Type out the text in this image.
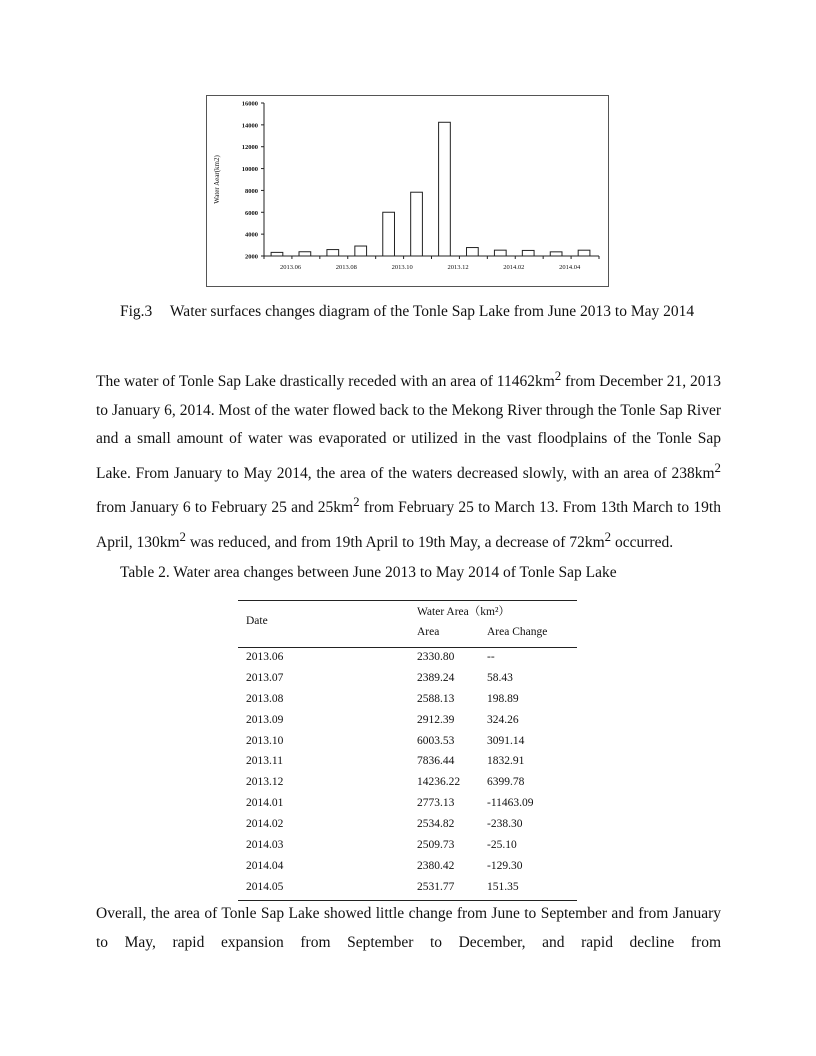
2000
4000
6000
8000
10000
12000
14000
16000
Water Aear(km2)
2013.06	2013.08	2013.10	2013.12	2014.02	2014.04
Fig.3 Water surfaces changes diagram of the Tonle Sap Lake from June 2013 to May 2014
The water of Tonle Sap Lake drastically receded with an area of $11462km^2$ from December 21, 2013 to January 6, 2014. Most of the water flowed back to the Mekong River through the Tonle Sap River and a small amount of water was evaporated or utilized in the vast floodplains of the Tonle Sap Lake. From January to May 2014, the area of the waters decreased slowly, with an area of $238km^2$ from January 6 to February 25 and $25km^2$ from February 25 to March 13. From 13th March to 19th April, $130km^2$ was reduced, and from 19th April to 19th May, a decrease of $72km^2$ occurred.
Table 2. Water area changes between June 2013 to May 2014 of Tonle Sap Lake
Date
Water Area（km²）
Area	Area Change
2013.06	2330.80	--
2013.07	2389.24	58.43
2013.08	2588.13	198.89
2013.09	2912.39	324.26
2013.10	6003.53	3091.14
2013.11	7836.44	1832.91
2013.12	14236.22 6399.78
2014.01	2773.13	-11463.09
2014.02	2534.82	-238.30
2014.03	2509.73	-25.10
2014.04	2380.42	-129.30
2014.05	2531.77	151.35
Overall, the area of Tonle Sap Lake showed little change from June to September and from January to May, rapid expansion from September to December, and rapid decline from
